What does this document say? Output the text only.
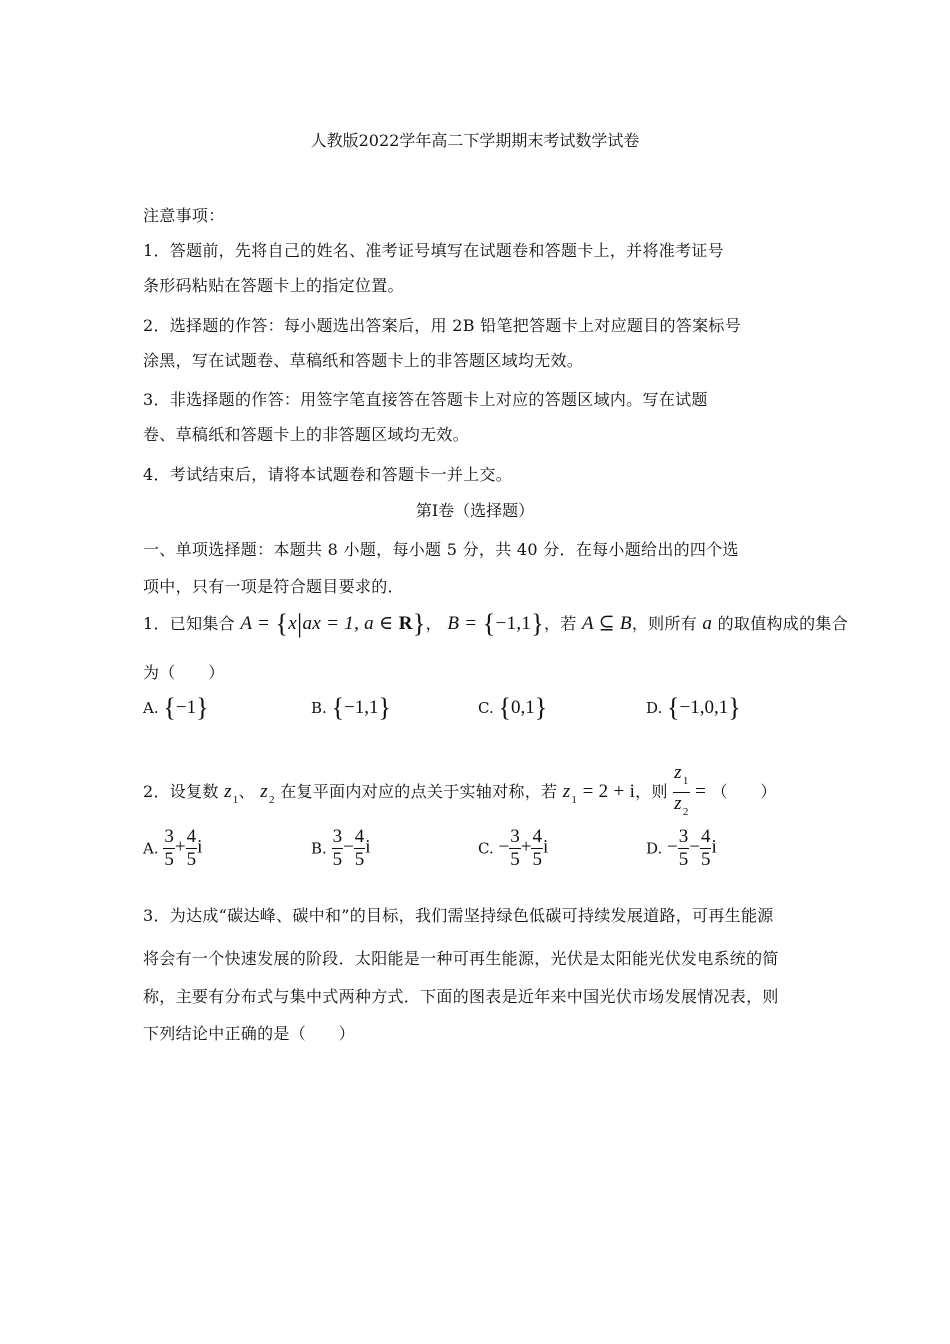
人教版2022学年高二下学期期末考试数学试卷
注意事项：
1．答题前，先将自己的姓名、准考证号填写在试题卷和答题卡上，并将准考证号
条形码粘贴在答题卡上的指定位置。
2．选择题的作答：每小题选出答案后，用 2B 铅笔把答题卡上对应题目的答案标号
涂黑，写在试题卷、草稿纸和答题卡上的非答题区域均无效。
3．非选择题的作答：用签字笔直接答在答题卡上对应的答题区域内。写在试题
卷、草稿纸和答题卡上的非答题区域均无效。
4．考试结束后，请将本试题卷和答题卡一并上交。
第Ⅰ卷（选择题）
一、单项选择题：本题共 8 小题，每小题 5 分，共 40 分．在每小题给出的四个选
项中，只有一项是符合题目要求的．
1．已知集合 A = {x|ax = 1, a ∈ R}， B = {−1,1}，若 A ⊆ B，则所有 a 的取值构成的集合
为（　　）
A. {−1}	B. {−1,1}	C. {0,1}	D. {−1,0,1}
2．设复数 $z_1$、 $z_2$ 在复平面内对应的点关于实轴对称，若 $z_1 = 2 + i$，则 $\frac{z_1}{z_2}$ = （　　）
A. $\frac{3}{5} + \frac{4}{5}$ i	B. $\frac{3}{5} - \frac{4}{5}$ i	C. − $\frac{3}{5} + \frac{4}{5}$ i	D. − $\frac{3}{5} - \frac{4}{5}$ i
3．为达成“碳达峰、碳中和”的目标，我们需坚持绿色低碳可持续发展道路，可再生能源
将会有一个快速发展的阶段．太阳能是一种可再生能源，光伏是太阳能光伏发电系统的简
称，主要有分布式与集中式两种方式．下面的图表是近年来中国光伏市场发展情况表，则
下列结论中正确的是（　　）
